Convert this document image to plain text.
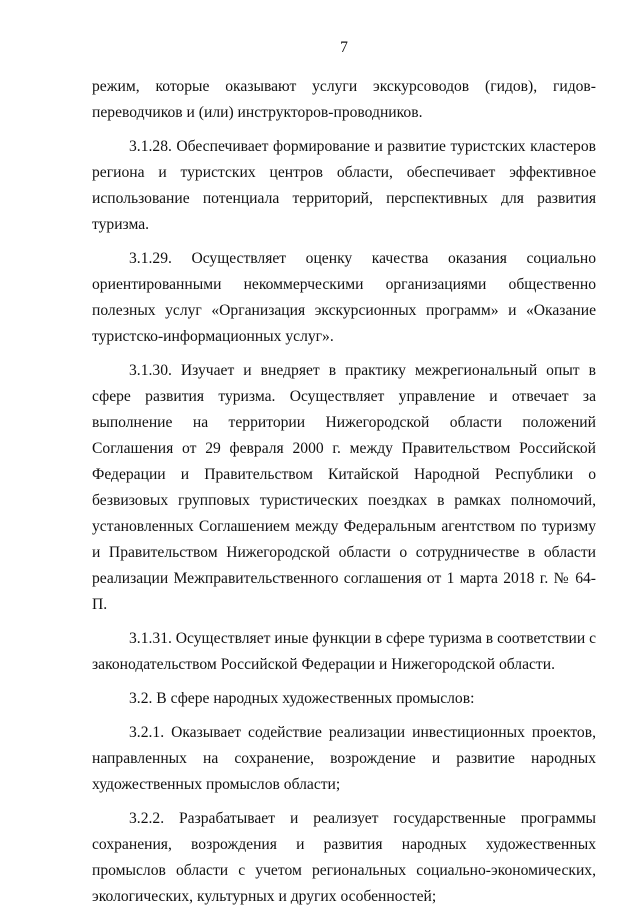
7

режим, которые оказывают услуги экскурсоводов (гидов), гидов-переводчиков и (или) инструкторов-проводников.

3.1.28. Обеспечивает формирование и развитие туристских кластеров региона и туристских центров области, обеспечивает эффективное использование потенциала территорий, перспективных для развития туризма.

3.1.29. Осуществляет оценку качества оказания социально ориентированными некоммерческими организациями общественно полезных услуг «Организация экскурсионных программ» и «Оказание туристско-информационных услуг».

3.1.30. Изучает и внедряет в практику межрегиональный опыт в сфере развития туризма. Осуществляет управление и отвечает за выполнение на территории Нижегородской области положений Соглашения от 29 февраля 2000 г. между Правительством Российской Федерации и Правительством Китайской Народной Республики о безвизовых групповых туристических поездках в рамках полномочий, установленных Соглашением между Федеральным агентством по туризму и Правительством Нижегородской области о сотрудничестве в области реализации Межправительственного соглашения от 1 марта 2018 г. № 64-П.

3.1.31. Осуществляет иные функции в сфере туризма в соответствии с законодательством Российской Федерации и Нижегородской области.

3.2. В сфере народных художественных промыслов:

3.2.1. Оказывает содействие реализации инвестиционных проектов, направленных на сохранение, возрождение и развитие народных художественных промыслов области;

3.2.2. Разрабатывает и реализует государственные программы сохранения, возрождения и развития народных художественных промыслов области с учетом региональных социально-экономических, экологических, культурных и других особенностей;
